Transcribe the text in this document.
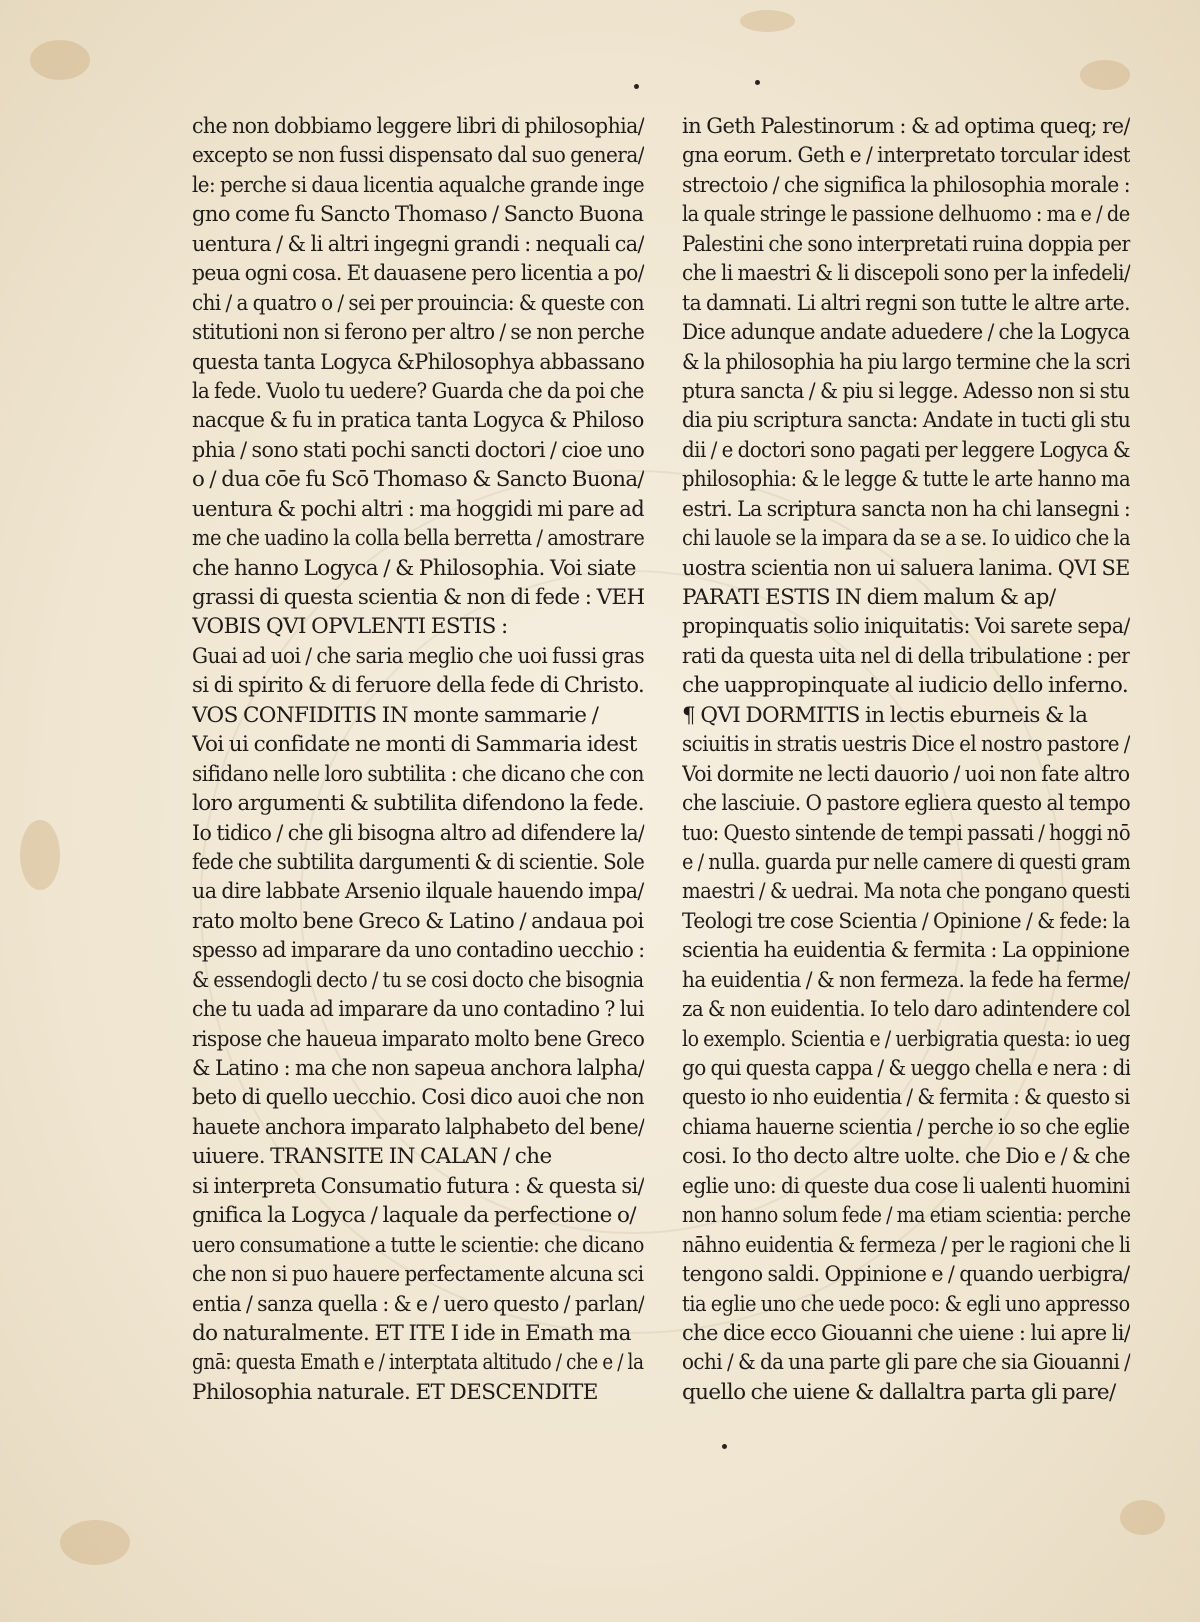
che non dobbiamo leggere libri di philosophia/
excepto se non fussi dispensato dal suo genera/
le: perche si daua licentia aqualche grande inge
gno come fu Sancto Thomaso / Sancto Buona
uentura / & li altri ingegni grandi : nequali ca/
peua ogni cosa. Et dauasene pero licentia a po/
chi / a quatro o / sei per prouincia: & queste con
stitutioni non si ferono per altro / se non perche
questa tanta Logyca &Philosophya abbassano
la fede. Vuolo tu uedere? Guarda che da poi che
nacque & fu in pratica tanta Logyca & Philoso
phia / sono stati pochi sancti doctori / cioe uno
o / dua cōe fu Scō Thomaso & Sancto Buona/
uentura & pochi altri : ma hoggidi mi pare ad
me che uadino la colla bella berretta / amostrare
che hanno Logyca / & Philosophia. Voi siate
grassi di questa scientia & non di fede : VEH
VOBIS QVI OPVLENTI ESTIS :
Guai ad uoi / che saria meglio che uoi fussi gras
si di spirito & di feruore della fede di Christo.
VOS CONFIDITIS IN monte sammarie /
Voi ui confidate ne monti di Sammaria idest
sifidano nelle loro subtilita : che dicano che con
loro argumenti & subtilita difendono la fede.
Io tidico / che gli bisogna altro ad difendere la/
fede che subtilita dargumenti & di scientie. Sole
ua dire labbate Arsenio ilquale hauendo impa/
rato molto bene Greco & Latino / andaua poi
spesso ad imparare da uno contadino uecchio :
& essendogli decto / tu se cosi docto che bisognia
che tu uada ad imparare da uno contadino ? lui
rispose che haueua imparato molto bene Greco
& Latino : ma che non sapeua anchora lalpha/
beto di quello uecchio. Cosi dico auoi che non
hauete anchora imparato lalphabeto del bene/
uiuere. TRANSITE IN CALAN / che
si interpreta Consumatio futura : & questa si/
gnifica la Logyca / laquale da perfectione o/
uero consumatione a tutte le scientie: che dicano
che non si puo hauere perfectamente alcuna sci
entia / sanza quella : & e / uero questo / parlan/
do naturalmente. ET ITE I ide in Emath ma
gnā: questa Emath e / interptata altitudo / che e / la
Philosophia naturale. ET DESCENDITE
in Geth Palestinorum : & ad optima queq; re/
gna eorum. Geth e / interpretato torcular idest
strectoio / che significa la philosophia morale :
la quale stringe le passione delhuomo : ma e / de
Palestini che sono interpretati ruina doppia per
che li maestri & li discepoli sono per la infedeli/
ta damnati. Li altri regni son tutte le altre arte.
Dice adunque andate aduedere / che la Logyca
& la philosophia ha piu largo termine che la scri
ptura sancta / & piu si legge. Adesso non si stu
dia piu scriptura sancta: Andate in tucti gli stu
dii / e doctori sono pagati per leggere Logyca &
philosophia: & le legge & tutte le arte hanno ma
estri. La scriptura sancta non ha chi lansegni :
chi lauole se la impara da se a se. Io uidico che la
uostra scientia non ui saluera lanima. QVI SE
PARATI ESTIS IN diem malum & ap/
propinquatis solio iniquitatis: Voi sarete sepa/
rati da questa uita nel di della tribulatione : per
che uappropinquate al iudicio dello inferno.
¶ QVI DORMITIS in lectis eburneis & la
sciuitis in stratis uestris Dice el nostro pastore /
Voi dormite ne lecti dauorio / uoi non fate altro
che lasciuie. O pastore egliera questo al tempo
tuo: Questo sintende de tempi passati / hoggi nō
e / nulla. guarda pur nelle camere di questi gram
maestri / & uedrai. Ma nota che pongano questi
Teologi tre cose Scientia / Opinione / & fede: la
scientia ha euidentia & fermita : La oppinione
ha euidentia / & non fermeza. la fede ha ferme/
za & non euidentia. Io telo daro adintendere col
lo exemplo. Scientia e / uerbigratia questa: io ueg
go qui questa cappa / & ueggo chella e nera : di
questo io nho euidentia / & fermita : & questo si
chiama hauerne scientia / perche io so che eglie
cosi. Io tho decto altre uolte. che Dio e / & che
eglie uno: di queste dua cose li ualenti huomini
non hanno solum fede / ma etiam scientia: perche
nāhno euidentia & fermeza / per le ragioni che li
tengono saldi. Oppinione e / quando uerbigra/
tia eglie uno che uede poco: & egli uno appresso
che dice ecco Giouanni che uiene : lui apre li/
ochi / & da una parte gli pare che sia Giouanni /
quello che uiene & dallaltra parta gli pare/
